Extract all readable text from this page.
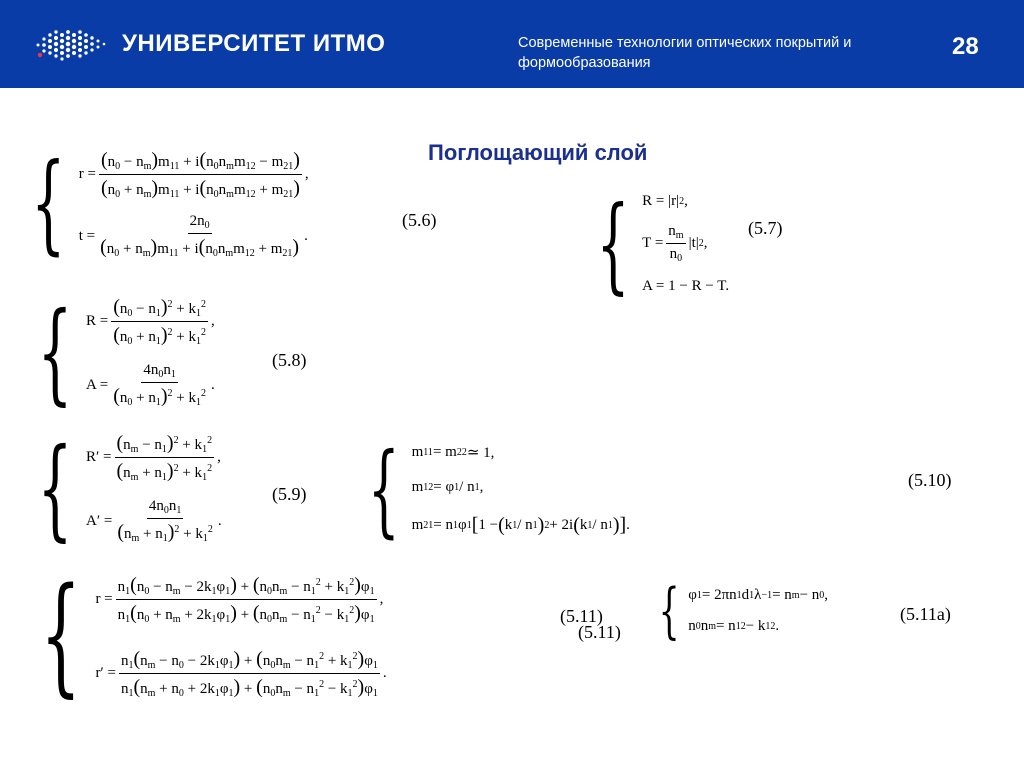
УНИВЕРСИТЕТ ИТМО	Современные технологии оптических покрытий и формообразования
28
Поглощающий слой
{ $r = \frac{(n_0 - n_m)m_{11} + i(n_0n_mm_{12} - m_{21})}{(n_0 + n_m)m_{11} + i(n_0n_mm_{12} + m_{21})}$ ,
$t = \frac{2n_0}{(n_0 + n_m)m_{11} + i(n_0n_mm_{12} + m_{21})}$ .
(5.6) { R = |r| 2 ,
$T = \frac{n_m}{n_0} |t|$ 2 ,
A = 1 − R − T.
(5.7)
{ $R = \frac{(n_0 - n_1)^2 + k_1^2}{(n_0 + n_1)^2 + k_1^2}$ ,
$A = \frac{4n_0n_1}{(n_0 + n_1)^2 + k_1^2}$ .
(5.8)
{ $R' = \frac{(n_m - n_1)^2 + k_1^2}{(n_m + n_1)^2 + k_1^2}$ ,
$A' = \frac{4n_0n_1}{(n_m + n_1)^2 + k_1^2}$ .
(5.9) { m 11 = m 22 ≃ 1,
m 12 = φ 1 / n 1 ,
m 21 = n 1 φ 1 [ 1 − ( k 1 / n 1 ) 2 + 2i ( k 1 / n 1 ) ] .
(5.10)
{ $r = \frac{n_1(n_0 - n_m - 2k_1\varphi_1) + (n_0n_m - n_1^2 + k_1^2)\varphi_1}{n_1(n_0 + n_m + 2k_1\varphi_1) + (n_0n_m - n_1^2 - k_1^2)\varphi_1}$ ,
$r' = \frac{n_1(n_m - n_0 - 2k_1\varphi_1) + (n_0n_m - n_1^2 + k_1^2)\varphi_1}{n_1(n_m + n_0 + 2k_1\varphi_1) + (n_0n_m - n_1^2 - k_1^2)\varphi_1}$ .
(5.11)
(5.11) { φ 1 = 2πn 1 d 1 λ −1 = n m − n 0 ,
n 0 n m = n 1 2 − k 1 2 .
(5.11a)
